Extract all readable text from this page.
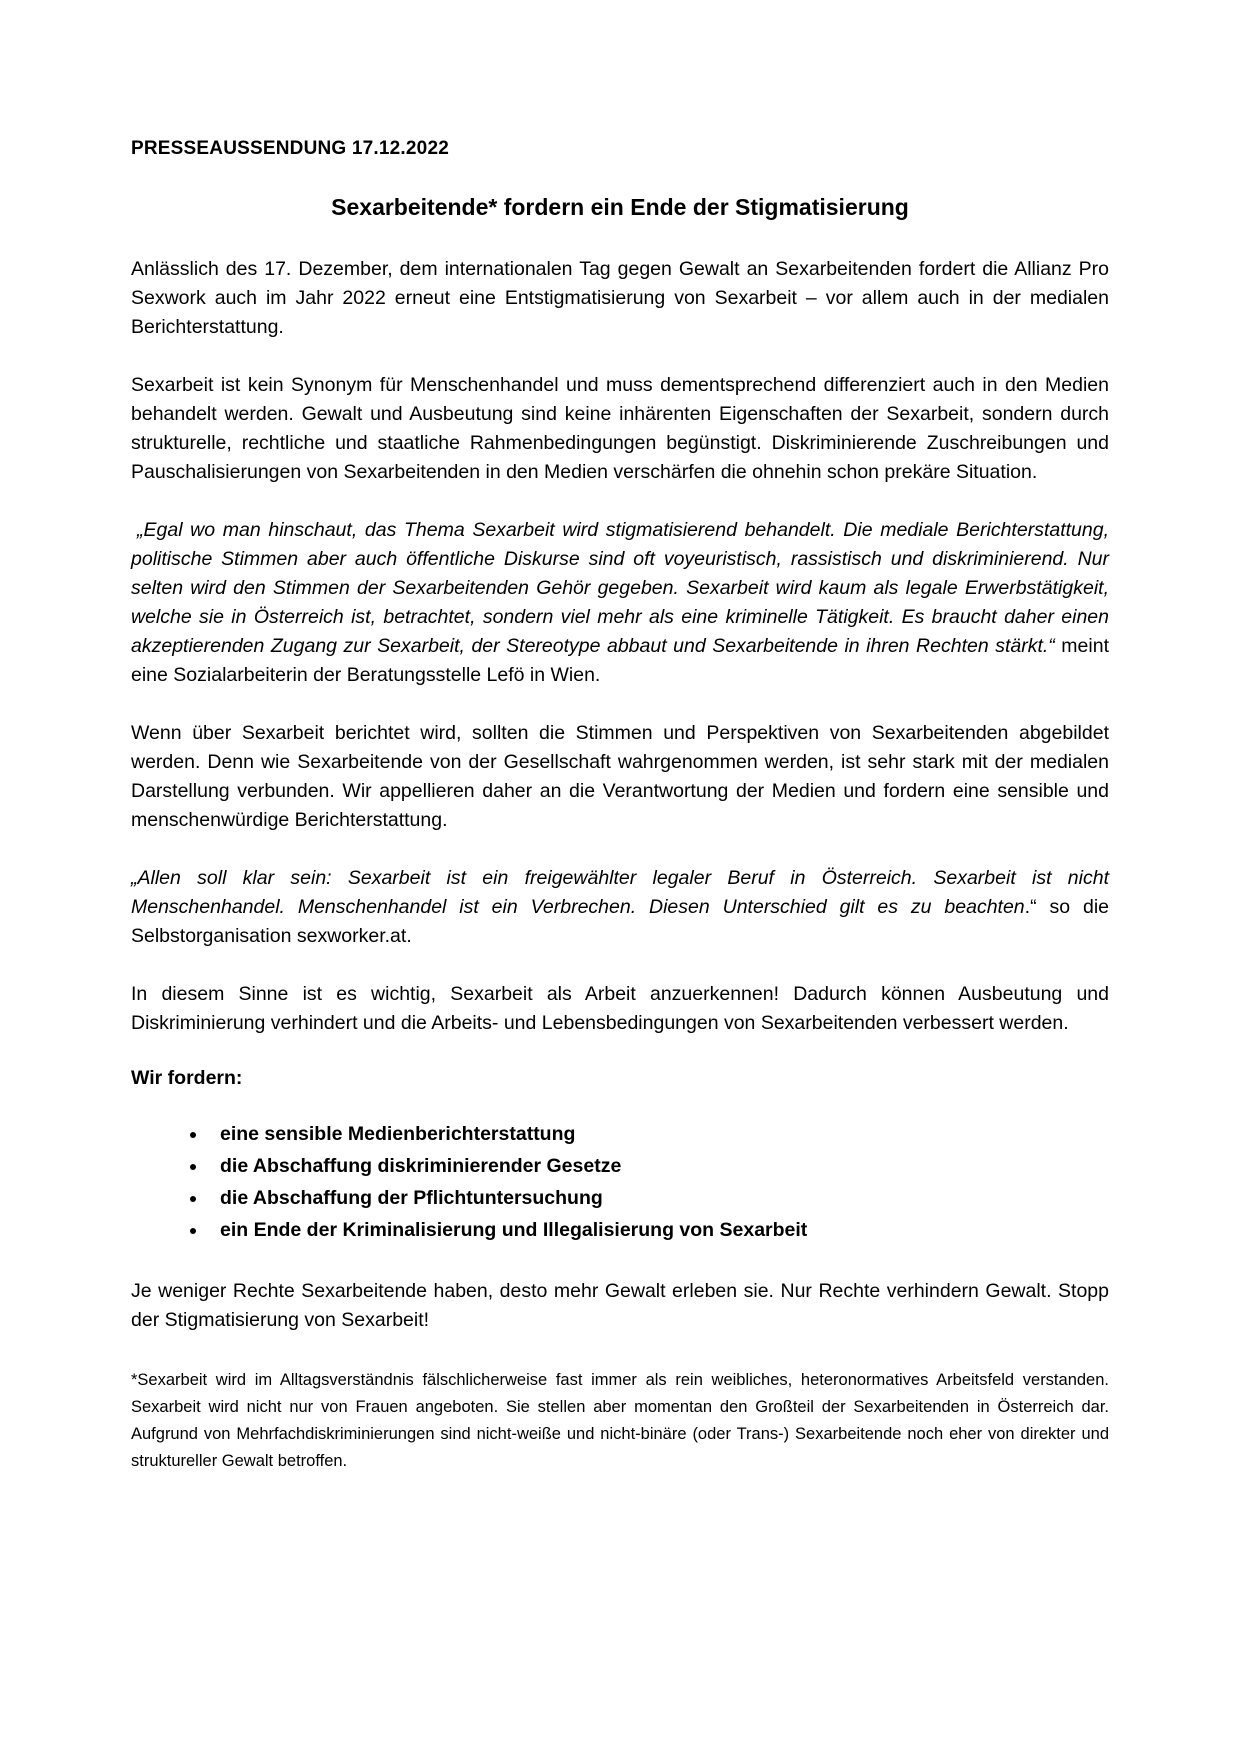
PRESSEAUSSENDUNG 17.12.2022
Sexarbeitende* fordern ein Ende der Stigmatisierung

Anlässlich des 17. Dezember, dem internationalen Tag gegen Gewalt an Sexarbeitenden fordert die Allianz Pro Sexwork auch im Jahr 2022 erneut eine Entstigmatisierung von Sexarbeit – vor allem auch in der medialen Berichterstattung.

Sexarbeit ist kein Synonym für Menschenhandel und muss dementsprechend differenziert auch in den Medien behandelt werden. Gewalt und Ausbeutung sind keine inhärenten Eigenschaften der Sexarbeit, sondern durch strukturelle, rechtliche und staatliche Rahmenbedingungen begünstigt. Diskriminierende Zuschreibungen und Pauschalisierungen von Sexarbeitenden in den Medien verschärfen die ohnehin schon prekäre Situation.

„Egal wo man hinschaut, das Thema Sexarbeit wird stigmatisierend behandelt. Die mediale Berichterstattung, politische Stimmen aber auch öffentliche Diskurse sind oft voyeuristisch, rassistisch und diskriminierend. Nur selten wird den Stimmen der Sexarbeitenden Gehör gegeben. Sexarbeit wird kaum als legale Erwerbstätigkeit, welche sie in Österreich ist, betrachtet, sondern viel mehr als eine kriminelle Tätigkeit. Es braucht daher einen akzeptierenden Zugang zur Sexarbeit, der Stereotype abbaut und Sexarbeitende in ihren Rechten stärkt.“ meint eine Sozialarbeiterin der Beratungsstelle Lefö in Wien.

Wenn über Sexarbeit berichtet wird, sollten die Stimmen und Perspektiven von Sexarbeitenden abgebildet werden. Denn wie Sexarbeitende von der Gesellschaft wahrgenommen werden, ist sehr stark mit der medialen Darstellung verbunden. Wir appellieren daher an die Verantwortung der Medien und fordern eine sensible und menschenwürdige Berichterstattung.

„Allen soll klar sein: Sexarbeit ist ein freigewählter legaler Beruf in Österreich. Sexarbeit ist nicht Menschenhandel. Menschenhandel ist ein Verbrechen. Diesen Unterschied gilt es zu beachten.“ so die Selbstorganisation sexworker.at.

In diesem Sinne ist es wichtig, Sexarbeit als Arbeit anzuerkennen! Dadurch können Ausbeutung und Diskriminierung verhindert und die Arbeits- und Lebensbedingungen von Sexarbeitenden verbessert werden.

Wir fordern:
• eine sensible Medienberichterstattung
• die Abschaffung diskriminierender Gesetze
• die Abschaffung der Pflichtuntersuchung
• ein Ende der Kriminalisierung und Illegalisierung von Sexarbeit

Je weniger Rechte Sexarbeitende haben, desto mehr Gewalt erleben sie. Nur Rechte verhindern Gewalt. Stopp der Stigmatisierung von Sexarbeit!

*Sexarbeit wird im Alltagsverständnis fälschlicherweise fast immer als rein weibliches, heteronormatives Arbeitsfeld verstanden. Sexarbeit wird nicht nur von Frauen angeboten. Sie stellen aber momentan den Großteil der Sexarbeitenden in Österreich dar. Aufgrund von Mehrfachdiskriminierungen sind nicht-weiße und nicht-binäre (oder Trans-) Sexarbeitende noch eher von direkter und struktureller Gewalt betroffen.
